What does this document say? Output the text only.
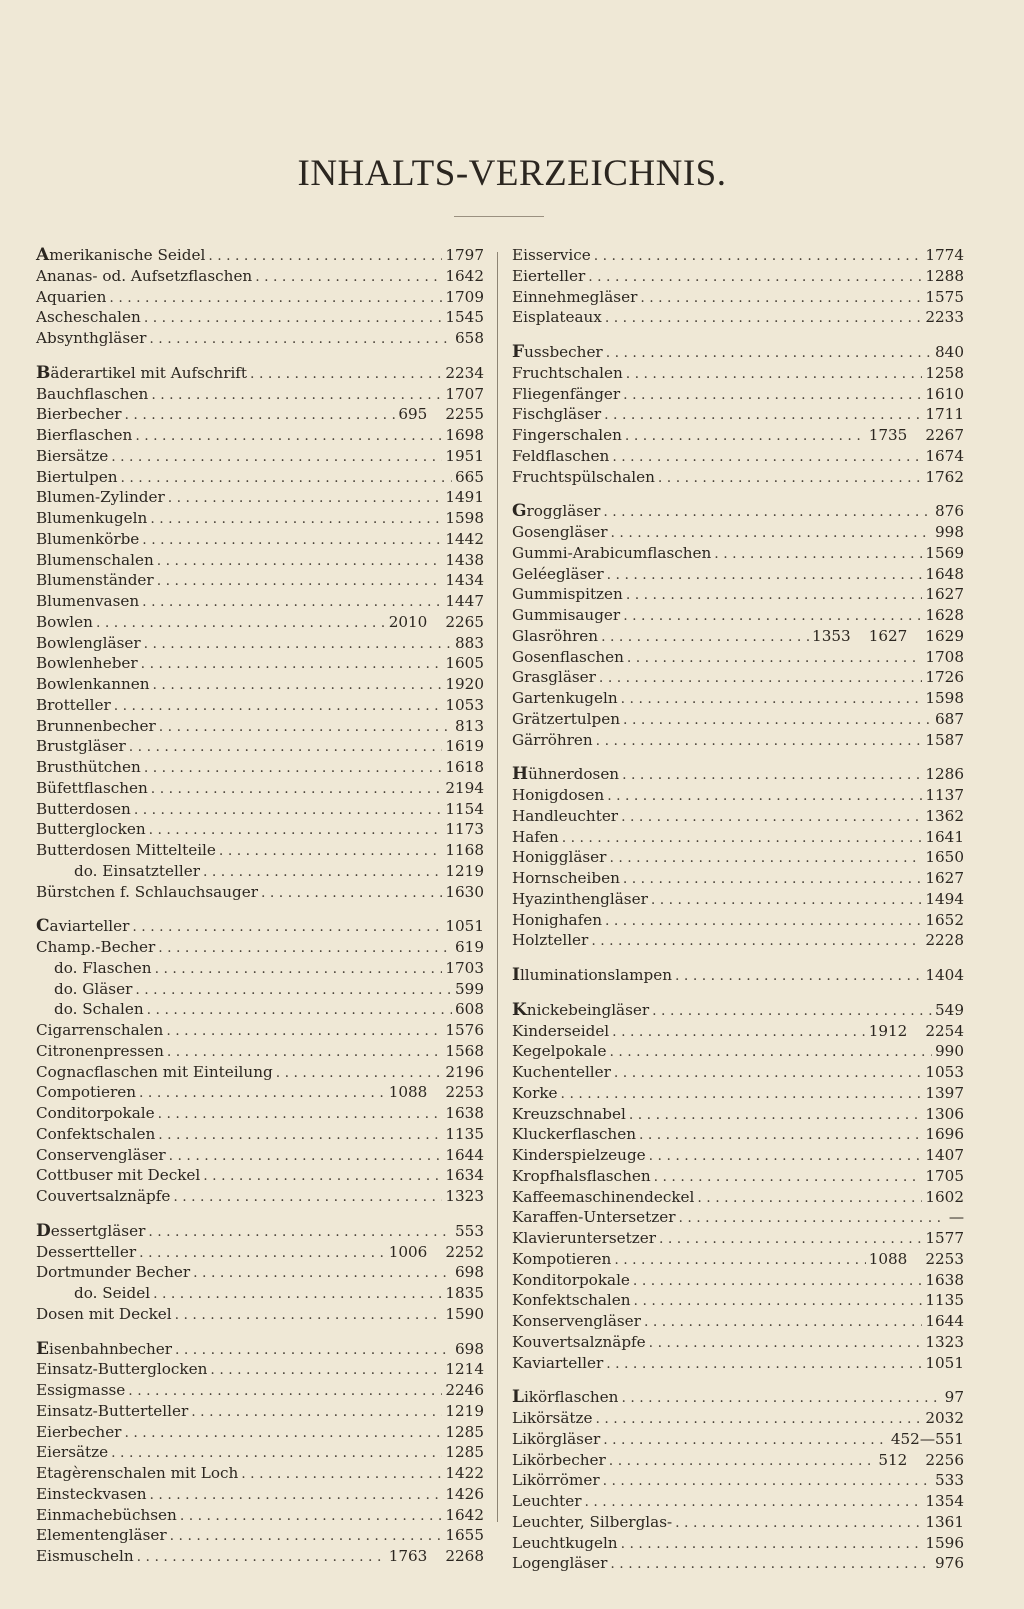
INHALTS-VERZEICHNIS.
Amerikanische Seidel . . .	1797
Ananas- od. Aufsetzflaschen . . .	1642
Aquarien . . .	1709
Ascheschalen . . .	1545
Absynthgläser . . .	658
Bäderartikel mit Aufschrift . . .	2234
Bauchflaschen . . .	1707
Bierbecher . . .	695 2255
Bierflaschen . . .	1698
Biersätze . . .	1951
Biertulpen . . .	665
Blumen-Zylinder . . .	1491
Blumenkugeln . . .	1598
Blumenkörbe . . .	1442
Blumenschalen . . .	1438
Blumenständer . . .	1434
Blumenvasen . . .	1447
Bowlen . . .	2010 2265
Bowlengläser . . .	883
Bowlenheber . . .	1605
Bowlenkannen . . .	1920
Brotteller . . .	1053
Brunnenbecher . . .	813
Brustgläser . . .	1619
Brusthütchen . . .	1618
Büfettflaschen . . .	2194
Butterdosen . . .	1154
Butterglocken . . .	1173
Butterdosen Mittelteile . . .	1168
do. Einsatzteller . . .	1219
Bürstchen f. Schlauchsauger . . .	1630
Caviarteller . . .	1051
Champ.-Becher . . .	619
do. Flaschen . . .	1703
do. Gläser . . .	599
do. Schalen . . .	608
Cigarrenschalen . . .	1576
Citronenpressen . . .	1568
Cognacflaschen mit Einteilung . . .	2196
Compotieren . . .	1088 2253
Conditorpokale . . .	1638
Confektschalen . . .	1135
Conservengläser . . .	1644
Cottbuser mit Deckel . . .	1634
Couvertsalznäpfe . . .	1323
Dessertgläser . . .	553
Dessertteller . . .	1006 2252
Dortmunder Becher . . .	698
do. Seidel . . .	1835
Dosen mit Deckel . . .	1590
Eisenbahnbecher . . .	698
Einsatz-Butterglocken . . .	1214
Essigmasse . . .	2246
Einsatz-Butterteller . . .	1219
Eierbecher . . .	1285
Eiersätze . . .	1285
Etagèrenschalen mit Loch . . .	1422
Einsteckvasen . . .	1426
Einmachebüchsen . . .	1642
Elementengläser . . .	1655
Eismuscheln . . .	1763 2268
Eisservice . . .	1774
Eierteller . . .	1288
Einnehmegläser . . .	1575
Eisplateaux . . .	2233
Fussbecher . . .	840
Fruchtschalen . . .	1258
Fliegenfänger . . .	1610
Fischgläser . . .	1711
Fingerschalen . . .	1735 2267
Feldflaschen . . .	1674
Fruchtspülschalen . . .	1762
Groggläser . . .	876
Gosengläser . . .	998
Gummi-Arabicumflaschen . . .	1569
Geléegläser . . .	1648
Gummispitzen . . .	1627
Gummisauger . . .	1628
Glasröhren . . .	1353 1627 1629
Gosenflaschen . . .	1708
Grasgläser . . .	1726
Gartenkugeln . . .	1598
Grätzertulpen . . .	687
Gärröhren . . .	1587
Hühnerdosen . . .	1286
Honigdosen . . .	1137
Handleuchter . . .	1362
Hafen . . .	1641
Honiggläser . . .	1650
Hornscheiben . . .	1627
Hyazinthengläser . . .	1494
Honighafen . . .	1652
Holzteller . . .	2228
Illuminationslampen . . .	1404
Knickebeingläser . . .	549
Kinderseidel . . .	1912 2254
Kegelpokale . . .	990
Kuchenteller . . .	1053
Korke . . .	1397
Kreuzschnabel . . .	1306
Kluckerflaschen . . .	1696
Kinderspielzeuge . . .	1407
Kropfhalsflaschen . . .	1705
Kaffeemaschinendeckel . . .	1602
Karaffen-Untersetzer . . .	—
Klavieruntersetzer . . .	1577
Kompotieren . . .	1088 2253
Konditorpokale . . .	1638
Konfektschalen . . .	1135
Konservengläser . . .	1644
Kouvertsalznäpfe . . .	1323
Kaviarteller . . .	1051
Likörflaschen . . .	97
Likörsätze . . .	2032
Likörgläser . . .	452—551
Likörbecher . . .	512 2256
Likörrömer . . .	533
Leuchter . . .	1354
Leuchter, Silberglas- . . .	1361
Leuchtkugeln . . .	1596
Logengläser . . .	976
